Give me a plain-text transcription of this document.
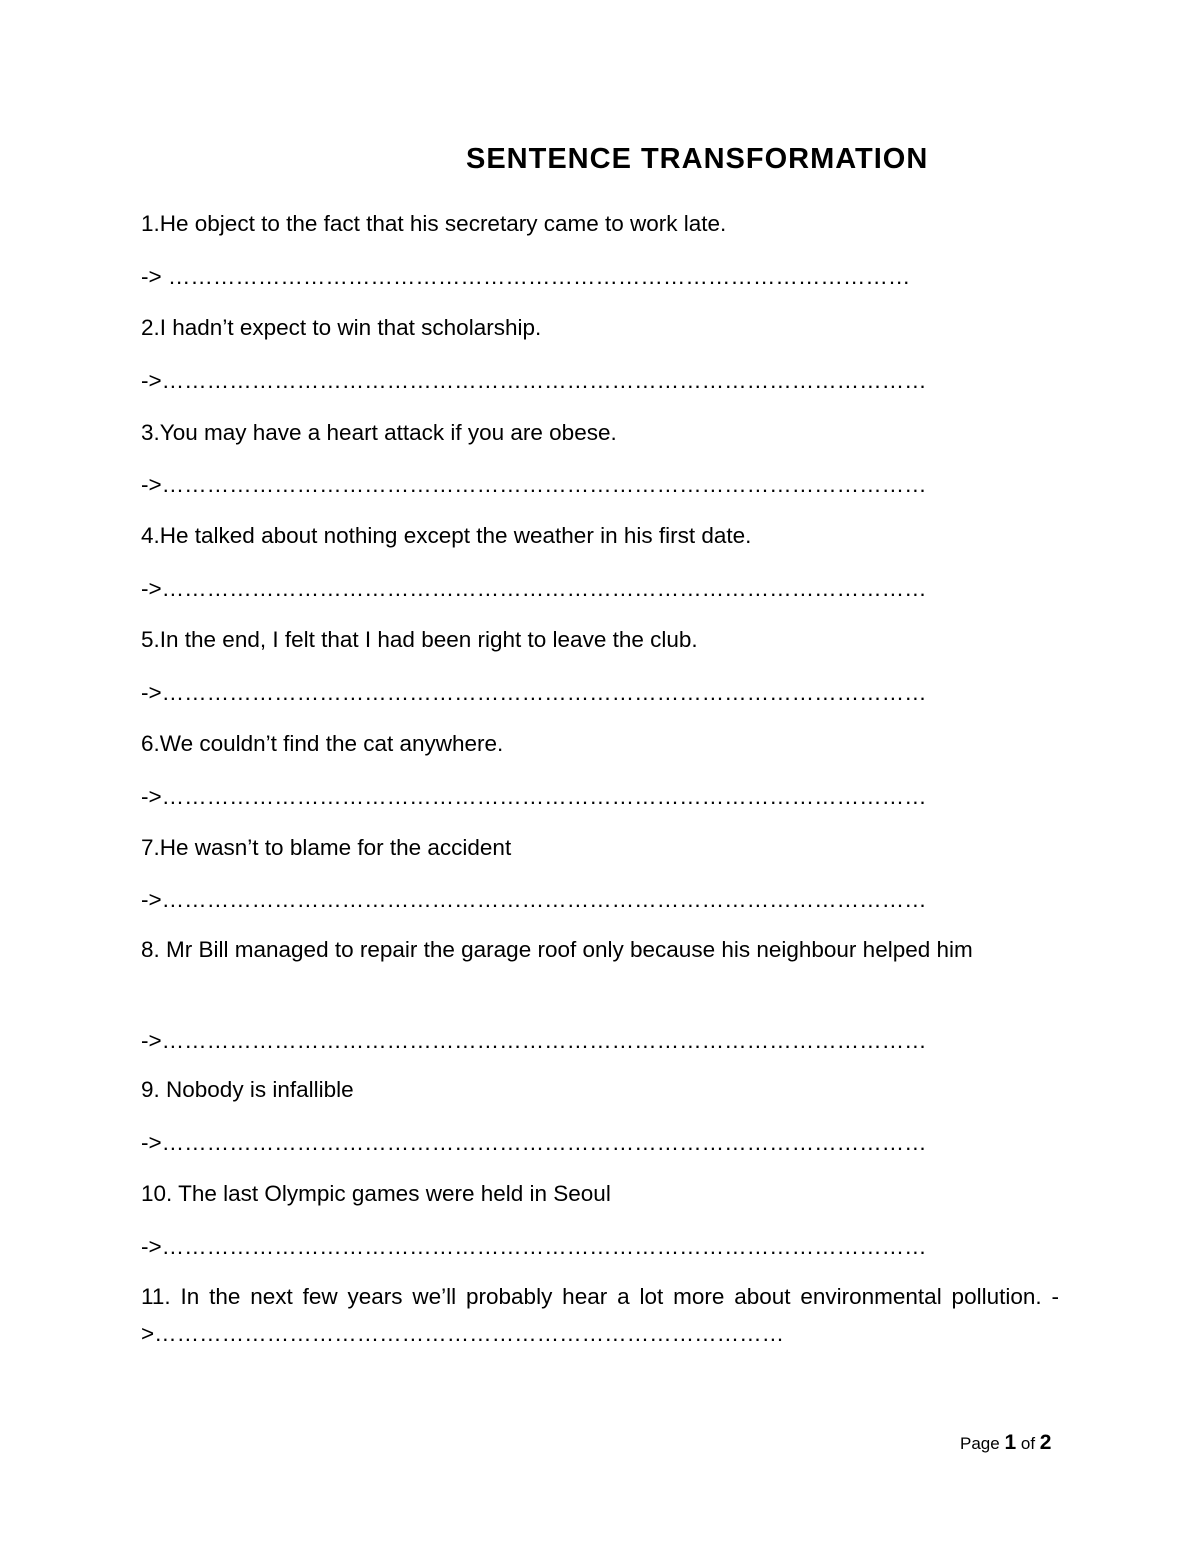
SENTENCE TRANSFORMATION
1.He object to the fact that his secretary came to work late.
-> ………………………………………………………………………………………
2.I hadn’t expect to win that scholarship.
->…………………………………………………………………………………………
3.You may have a heart attack if you are obese.
->…………………………………………………………………………………………
4.He talked about nothing except the weather in his first date.
->…………………………………………………………………………………………
5.In the end, I felt that I had been right to leave the club.
->…………………………………………………………………………………………
6.We couldn’t find the cat anywhere.
->…………………………………………………………………………………………
7.He wasn’t to blame for the accident
->…………………………………………………………………………………………
8. Mr Bill managed to repair the garage roof only because his neighbour helped him
->…………………………………………………………………………………………
9. Nobody is infallible
->…………………………………………………………………………………………
10. The last Olympic games were held in Seoul
->…………………………………………………………………………………………
11. In the next few years we’ll probably hear a lot more about environmental pollution. ->…………………………………………………………………………
Page 1 of 2
